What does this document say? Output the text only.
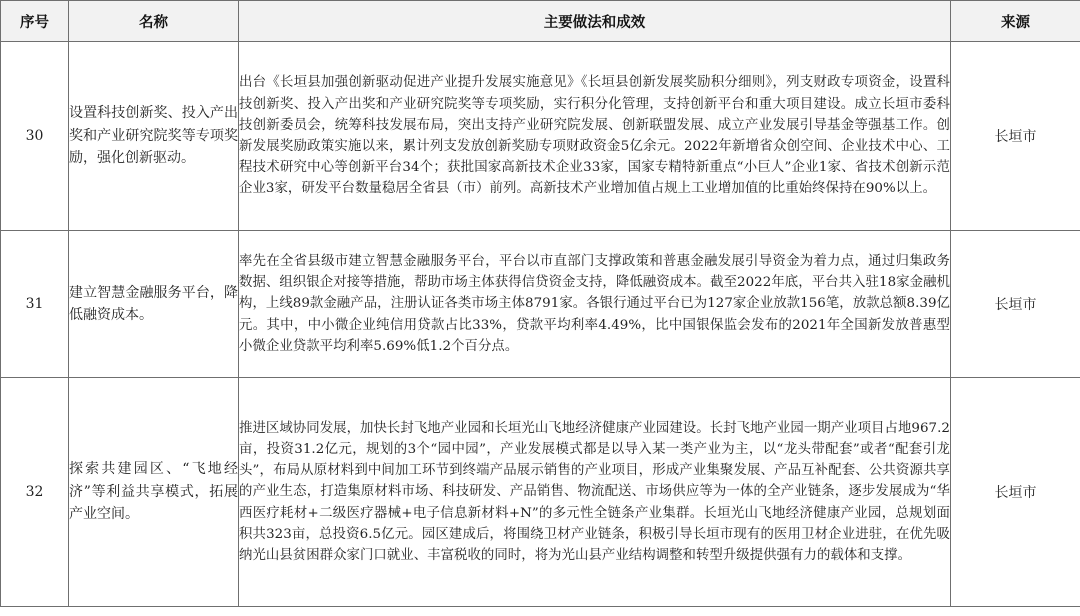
序号	名称	主要做法和成效	来源
30	设置科技创新奖、投入产出奖和产业研究院奖等专项奖励，强化创新驱动。	出台《长垣县加强创新驱动促进产业提升发展实施意见》《长垣县创新发展奖励积分细则》，列支财政专项资金，设置科技创新奖、投入产出奖和产业研究院奖等专项奖励，实行积分化管理，支持创新平台和重大项目建设。成立长垣市委科技创新委员会，统筹科技发展布局，突出支持产业研究院发展、创新联盟发展、成立产业发展引导基金等强基工作。创新发展奖励政策实施以来，累计列支发放创新奖励专项财政资金5亿余元。2022年新增省众创空间、企业技术中心、工程技术研究中心等创新平台34个；获批国家高新技术企业33家，国家专精特新重点“小巨人”企业1家、省技术创新示范企业3家，研发平台数量稳居全省县（市）前列。高新技术产业增加值占规上工业增加值的比重始终保持在90%以上。	长垣市
31	建立智慧金融服务平台，降低融资成本。	率先在全省县级市建立智慧金融服务平台，平台以市直部门支撑政策和普惠金融发展引导资金为着力点，通过归集政务数据、组织银企对接等措施，帮助市场主体获得信贷资金支持，降低融资成本。截至2022年底，平台共入驻18家金融机构，上线89款金融产品，注册认证各类市场主体8791家。各银行通过平台已为127家企业放款156笔，放款总额8.39亿元。其中，中小微企业纯信用贷款占比33%，贷款平均利率4.49%，比中国银保监会发布的2021年全国新发放普惠型小微企业贷款平均利率5.69%低1.2个百分点。	长垣市
32	探索共建园区、“飞地经济”等利益共享模式，拓展产业空间。	推进区域协同发展，加快长封飞地产业园和长垣光山飞地经济健康产业园建设。长封飞地产业园一期产业项目占地967.2亩，投资31.2亿元，规划的3个“园中园”，产业发展模式都是以导入某一类产业为主，以“龙头带配套”或者“配套引龙头”，布局从原材料到中间加工环节到终端产品展示销售的产业项目，形成产业集聚发展、产品互补配套、公共资源共享的产业生态，打造集原材料市场、科技研发、产品销售、物流配送、市场供应等为一体的全产业链条，逐步发展成为“华西医疗耗材+二级医疗器械+电子信息新材料+N”的多元性全链条产业集群。长垣光山飞地经济健康产业园，总规划面积共323亩，总投资6.5亿元。园区建成后，将围绕卫材产业链条，积极引导长垣市现有的医用卫材企业进驻，在优先吸纳光山县贫困群众家门口就业、丰富税收的同时，将为光山县产业结构调整和转型升级提供强有力的载体和支撑。	长垣市
